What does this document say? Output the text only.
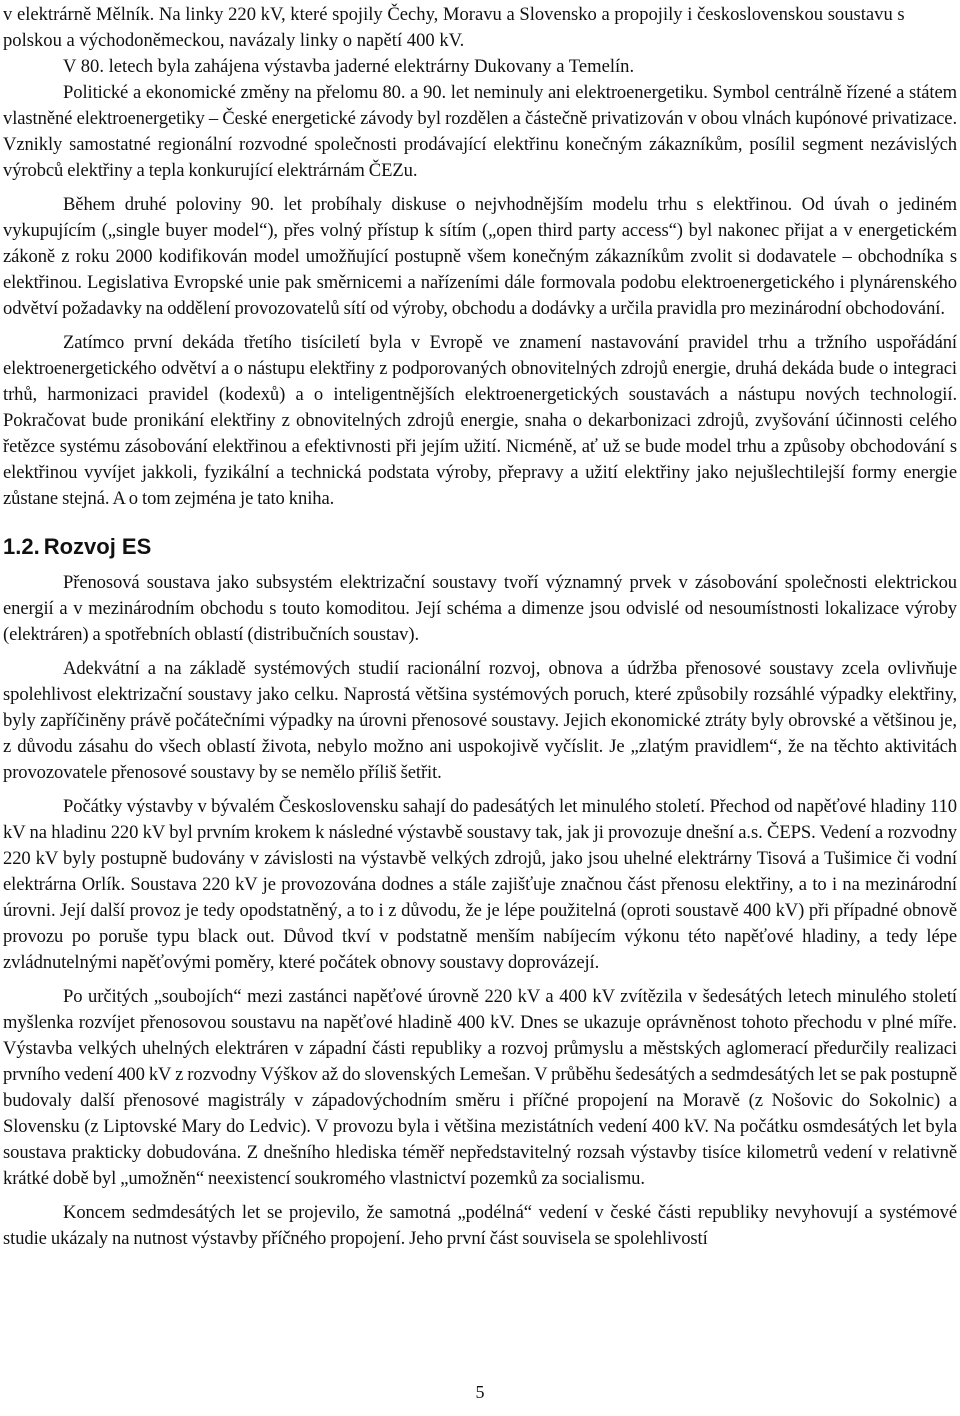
v elektrárně Mělník. Na linky 220 kV, které spojily Čechy, Moravu a Slovensko a propojily i československou soustavu s polskou a východoněmeckou, navázaly linky o napětí 400 kV.

V 80. letech byla zahájena výstavba jaderné elektrárny Dukovany a Temelín.

Politické a ekonomické změny na přelomu 80. a 90. let neminuly ani elektroenergetiku. Symbol centrálně řízené a státem vlastněné elektroenergetiky – České energetické závody byl rozdělen a částečně privatizován v obou vlnách kupónové privatizace. Vznikly samostatné regionální rozvodné společnosti prodávající elektřinu konečným zákazníkům, posílil segment nezávislých výrobců elektřiny a tepla konkurující elektrárnám ČEZu.

Během druhé poloviny 90. let probíhaly diskuse o nejvhodnějším modelu trhu s elektřinou. Od úvah o jediném vykupujícím („single buyer model“), přes volný přístup k sítím („open third party access“) byl nakonec přijat a v energetickém zákoně z roku 2000 kodifikován model umožňující postupně všem konečným zákazníkům zvolit si dodavatele – obchodníka s elektřinou. Legislativa Evropské unie pak směrnicemi a nařízeními dále formovala podobu elektroenergetického i plynárenského odvětví požadavky na oddělení provozovatelů sítí od výroby, obchodu a dodávky a určila pravidla pro mezinárodní obchodování.

Zatímco první dekáda třetího tisíciletí byla v Evropě ve znamení nastavování pravidel trhu a tržního uspořádání elektroenergetického odvětví a o nástupu elektřiny z podporovaných obnovitelných zdrojů energie, druhá dekáda bude o integraci trhů, harmonizaci pravidel (kodexů) a o inteligentnějších elektroenergetických soustavách a nástupu nových technologií. Pokračovat bude pronikání elektřiny z obnovitelných zdrojů energie, snaha o dekarbonizaci zdrojů, zvyšování účinnosti celého řetězce systému zásobování elektřinou a efektivnosti při jejím užití. Nicméně, ať už se bude model trhu a způsoby obchodování s elektřinou vyvíjet jakkoli, fyzikální a technická podstata výroby, přepravy a užití elektřiny jako nejušlechtilejší formy energie zůstane stejná. A o tom zejména je tato kniha.

1.2. Rozvoj ES

Přenosová soustava jako subsystém elektrizační soustavy tvoří významný prvek v zásobování společnosti elektrickou energií a v mezinárodním obchodu s touto komoditou. Její schéma a dimenze jsou odvislé od nesoumístnosti lokalizace výroby (elektráren) a spotřebních oblastí (distribučních soustav).

Adekvátní a na základě systémových studií racionální rozvoj, obnova a údržba přenosové soustavy zcela ovlivňuje spolehlivost elektrizační soustavy jako celku. Naprostá většina systémových poruch, které způsobily rozsáhlé výpadky elektřiny, byly zapříčiněny právě počátečními výpadky na úrovni přenosové soustavy. Jejich ekonomické ztráty byly obrovské a většinou je, z důvodu zásahu do všech oblastí života, nebylo možno ani uspokojivě vyčíslit. Je „zlatým pravidlem“, že na těchto aktivitách provozovatele přenosové soustavy by se nemělo příliš šetřit.

Počátky výstavby v bývalém Československu sahají do padesátých let minulého století. Přechod od napěťové hladiny 110 kV na hladinu 220 kV byl prvním krokem k následné výstavbě soustavy tak, jak ji provozuje dnešní a.s. ČEPS. Vedení a rozvodny 220 kV byly postupně budovány v závislosti na výstavbě velkých zdrojů, jako jsou uhelné elektrárny Tisová a Tušimice či vodní elektrárna Orlík. Soustava 220 kV je provozována dodnes a stále zajišťuje značnou část přenosu elektřiny, a to i na mezinárodní úrovni. Její další provoz je tedy opodstatněný, a to i z důvodu, že je lépe použitelná (oproti soustavě 400 kV) při případné obnově provozu po poruše typu black out. Důvod tkví v podstatně menším nabíjecím výkonu této napěťové hladiny, a tedy lépe zvládnutelnými napěťovými poměry, které počátek obnovy soustavy doprovázejí.

Po určitých „soubojích“ mezi zastánci napěťové úrovně 220 kV a 400 kV zvítězila v šedesátých letech minulého století myšlenka rozvíjet přenosovou soustavu na napěťové hladině 400 kV. Dnes se ukazuje oprávněnost tohoto přechodu v plné míře. Výstavba velkých uhelných elektráren v západní části republiky a rozvoj průmyslu a městských aglomerací předurčily realizaci prvního vedení 400 kV z rozvodny Výškov až do slovenských Lemešan. V průběhu šedesátých a sedmdesátých let se pak postupně budovaly další přenosové magistrály v západovýchodním směru i příčné propojení na Moravě (z Nošovic do Sokolnic) a Slovensku (z Liptovské Mary do Ledvic). V provozu byla i většina mezistátních vedení 400 kV. Na počátku osmdesátých let byla soustava prakticky dobudována. Z dnešního hlediska téměř nepředstavitelný rozsah výstavby tisíce kilometrů vedení v relativně krátké době byl „umožněn“ neexistencí soukromého vlastnictví pozemků za socialismu.

Koncem sedmdesátých let se projevilo, že samotná „podélná“ vedení v české části republiky nevyhovují a systémové studie ukázaly na nutnost výstavby příčného propojení. Jeho první část souvisela se spolehlivostí

5
